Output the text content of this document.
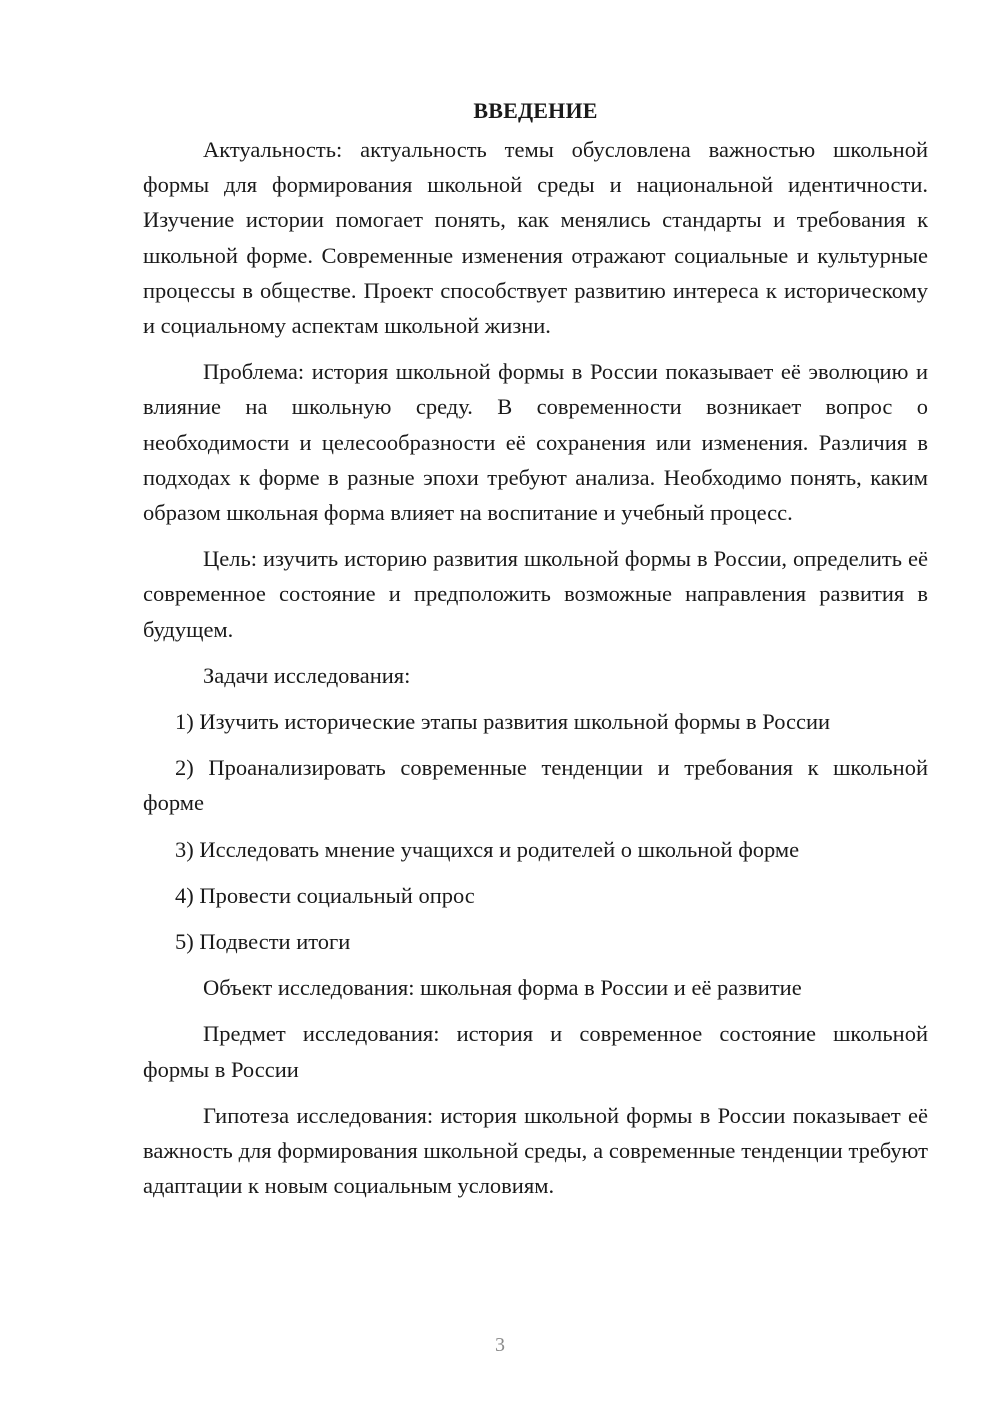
ВВЕДЕНИЕ

Актуальность: актуальность темы обусловлена важностью школьной формы для формирования школьной среды и национальной идентичности. Изучение истории помогает понять, как менялись стандарты и требования к школьной форме. Современные изменения отражают социальные и культурные процессы в обществе. Проект способствует развитию интереса к историческому и социальному аспектам школьной жизни.

Проблема: история школьной формы в России показывает её эволюцию и влияние на школьную среду. В современности возникает вопрос о необходимости и целесообразности её сохранения или изменения. Различия в подходах к форме в разные эпохи требуют анализа. Необходимо понять, каким образом школьная форма влияет на воспитание и учебный процесс.

Цель: изучить историю развития школьной формы в России, определить её современное состояние и предположить возможные направления развития в будущем.

Задачи исследования:

1) Изучить исторические этапы развития школьной формы в России

2) Проанализировать современные тенденции и требования к школьной форме

3) Исследовать мнение учащихся и родителей о школьной форме

4) Провести социальный опрос

5) Подвести итоги

Объект исследования: школьная форма в России и её развитие

Предмет исследования: история и современное состояние школьной формы в России

Гипотеза исследования: история школьной формы в России показывает её важность для формирования школьной среды, а современные тенденции требуют адаптации к новым социальным условиям.

3
